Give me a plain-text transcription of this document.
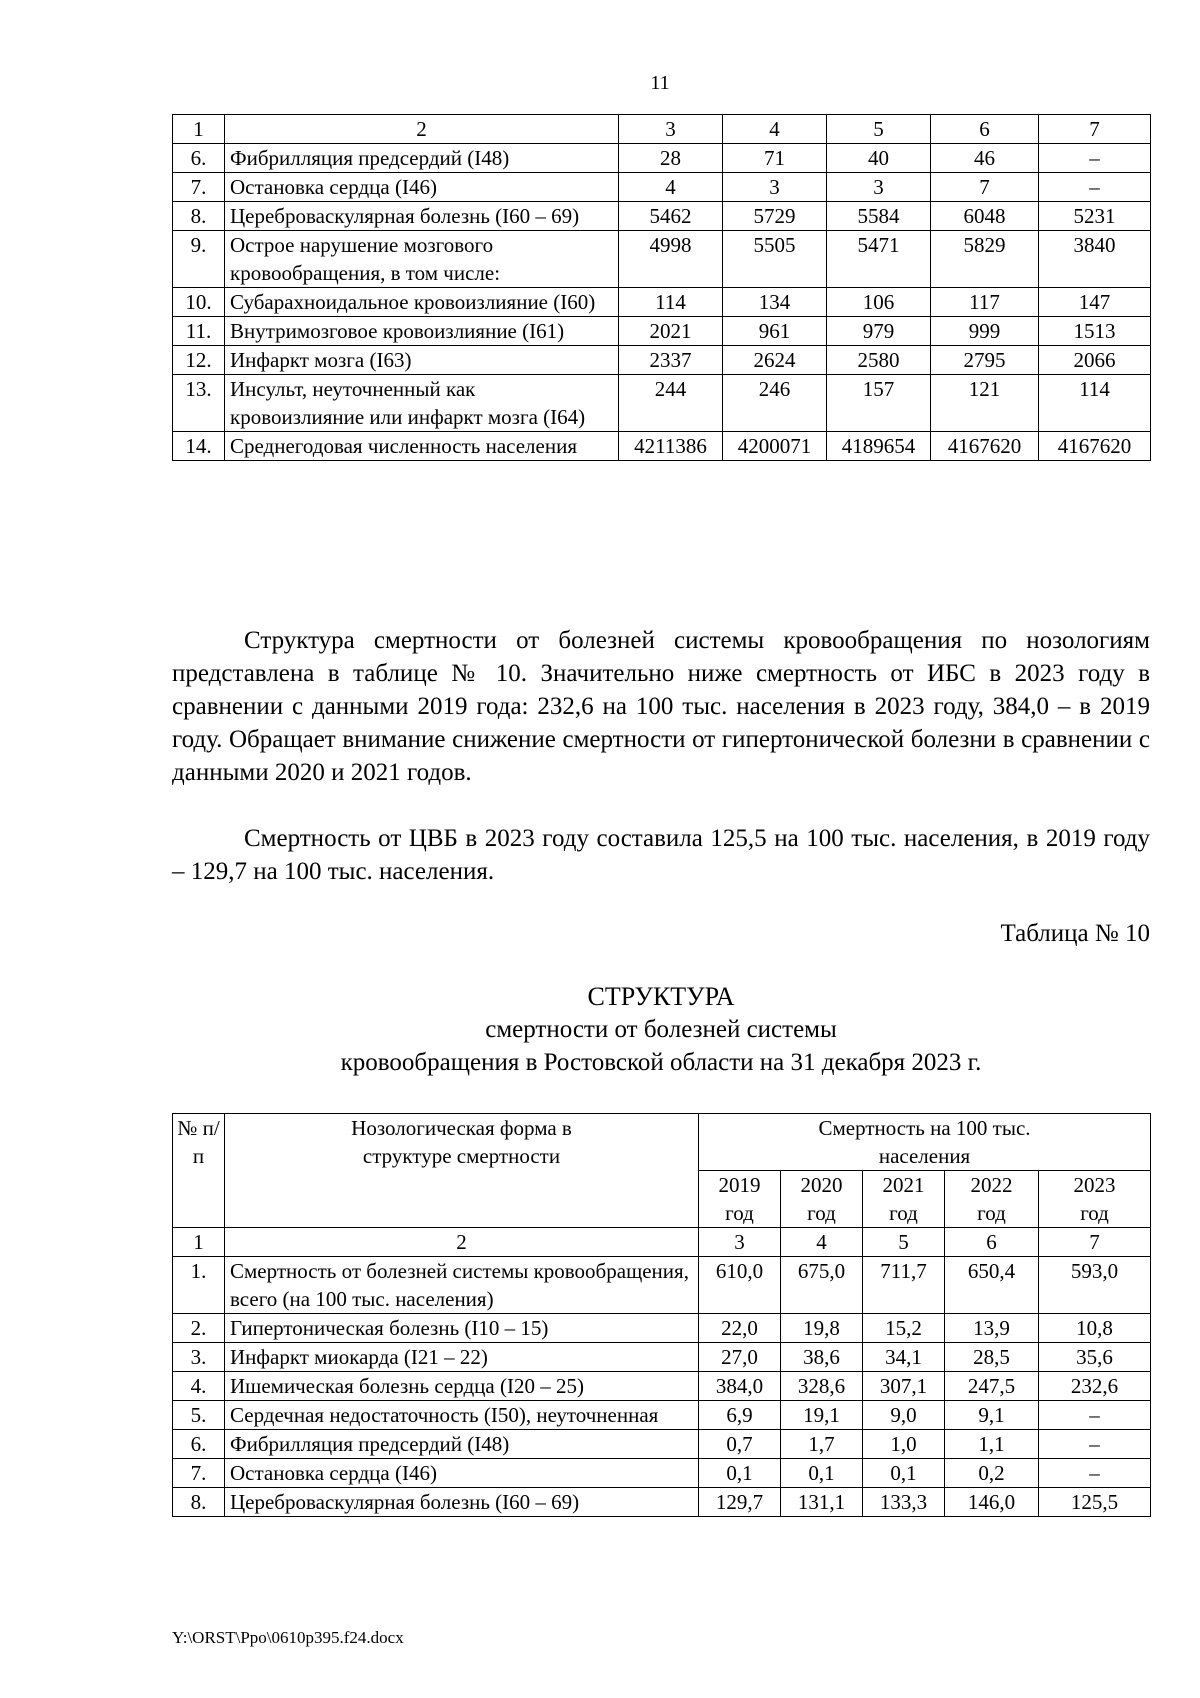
11
1	2	3	4	5	6	7
6.	Фибрилляция предсердий (I48)	28	71	40	46	–
7.	Остановка сердца (I46)	4	3	3	7	–
8.	Цереброваскулярная болезнь (I60 – 69)	5462	5729	5584	6048	5231
9.	Острое нарушение мозгового кровообращения, в том числе:	4998	5505	5471	5829	3840
10.	Субарахноидальное кровоизлияние (I60)	114	134	106	117	147
11.	Внутримозговое кровоизлияние (I61)	2021	961	979	999	1513
12.	Инфаркт мозга (I63)	2337	2624	2580	2795	2066
13.	Инсульт, неуточненный как кровоизлияние или инфаркт мозга (I64)	244	246	157	121	114
14.	Среднегодовая численность населения	4211386	4200071	4189654	4167620	4167620

Структура смертности от болезней системы кровообращения по нозологиям представлена в таблице № 10. Значительно ниже смертность от ИБС в 2023 году в сравнении с данными 2019 года: 232,6 на 100 тыс. населения в 2023 году, 384,0 – в 2019 году. Обращает внимание снижение смертности от гипертонической болезни в сравнении с данными 2020 и 2021 годов.

Смертность от ЦВБ в 2023 году составила 125,5 на 100 тыс. населения, в 2019 году – 129,7 на 100 тыс. населения.

Таблица № 10
СТРУКТУРА
смертности от болезней системы
кровообращения в Ростовской области на 31 декабря 2023 г.
№ п/п	Нозологическая форма в структуре смертности	Смертность на 100 тыс. населения				
		2019 год	2020 год	2021 год	2022 год	2023 год
1	2	3	4	5	6	7
1.	Смертность от болезней системы кровообращения, всего (на 100 тыс. населения)	610,0	675,0	711,7	650,4	593,0
2.	Гипертоническая болезнь (I10 – 15)	22,0	19,8	15,2	13,9	10,8
3.	Инфаркт миокарда (I21 – 22)	27,0	38,6	34,1	28,5	35,6
4.	Ишемическая болезнь сердца (I20 – 25)	384,0	328,6	307,1	247,5	232,6
5.	Сердечная недостаточность (I50), неуточненная	6,9	19,1	9,0	9,1	–
6.	Фибрилляция предсердий (I48)	0,7	1,7	1,0	1,1	–
7.	Остановка сердца (I46)	0,1	0,1	0,1	0,2	–
8.	Цереброваскулярная болезнь (I60 – 69)	129,7	131,1	133,3	146,0	125,5
Y:\ORST\Ppo\0610p395.f24.docx
